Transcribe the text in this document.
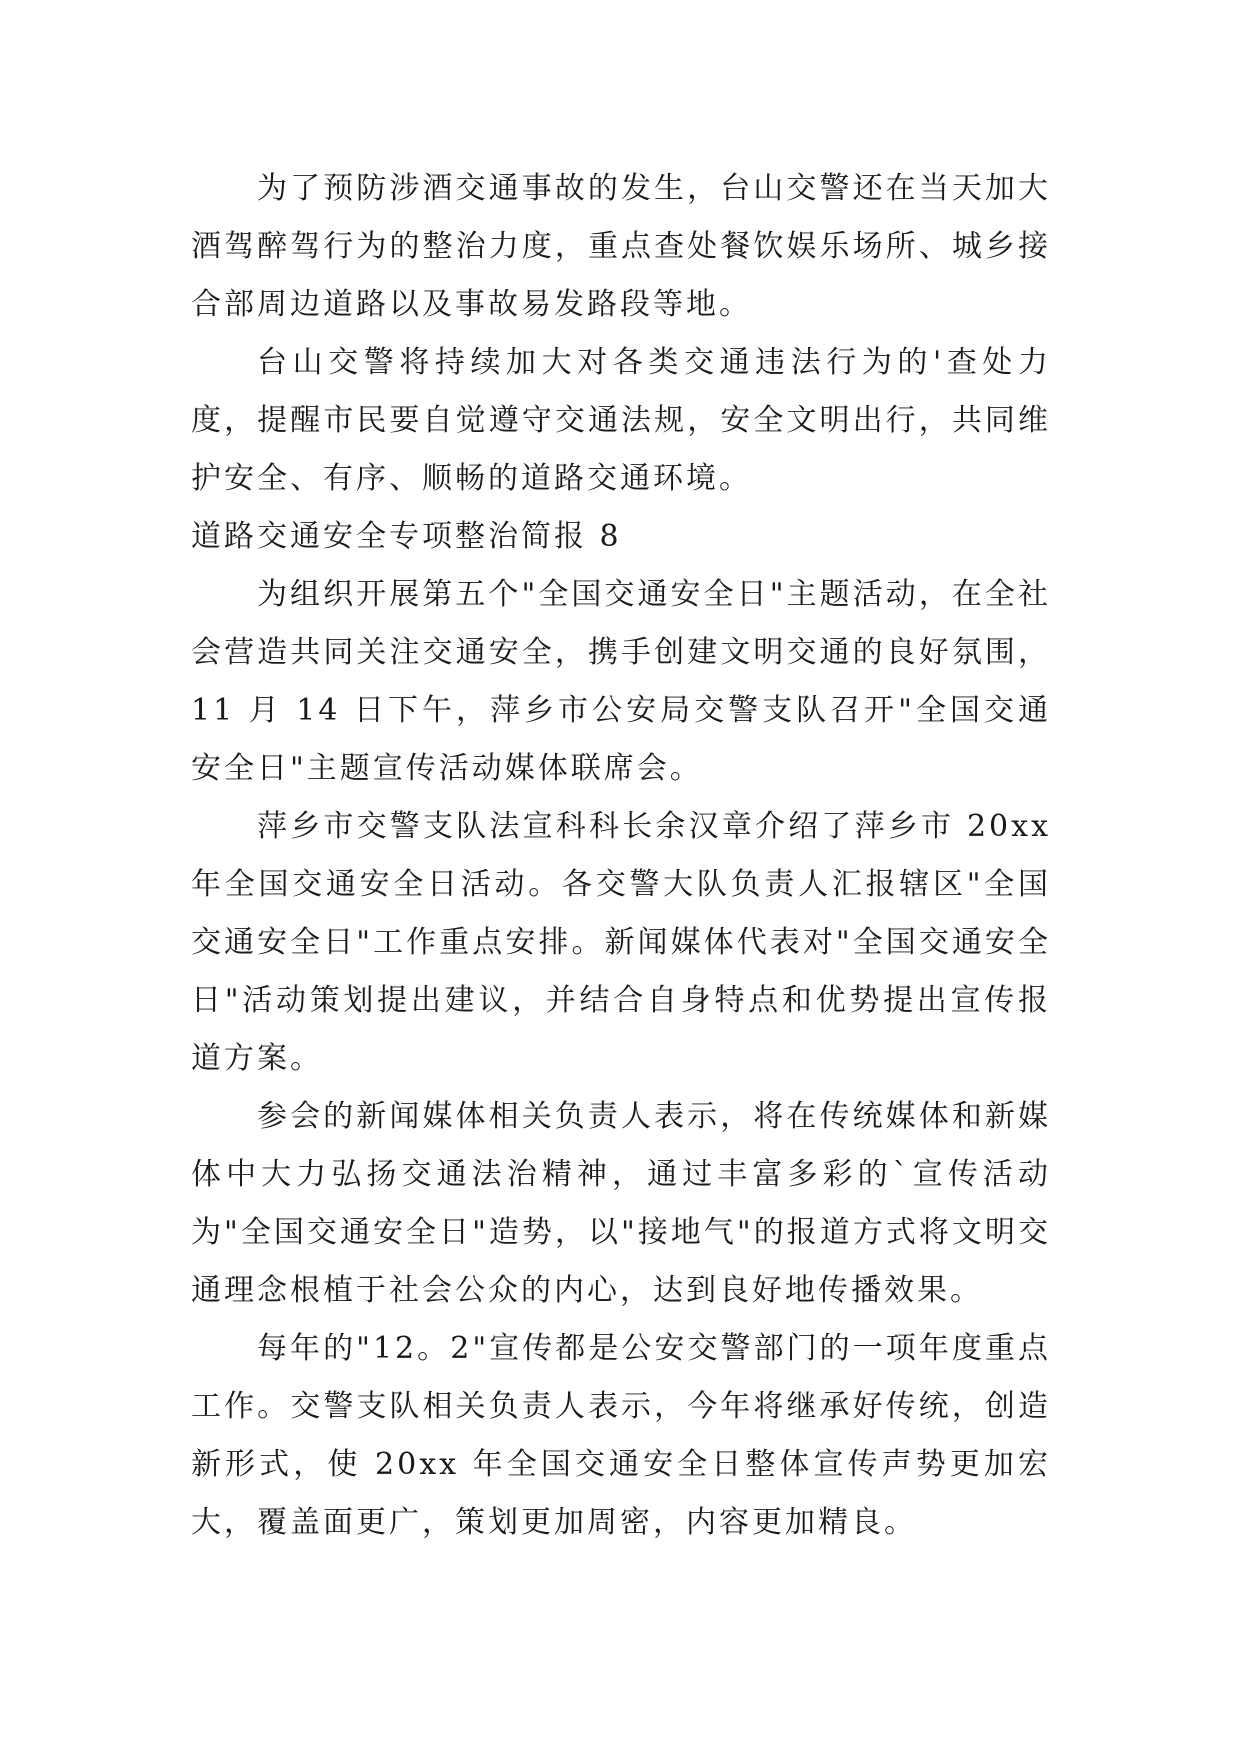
为了预防涉酒交通事故的发生，台山交警还在当天加大酒驾醉驾行为的整治力度，重点查处餐饮娱乐场所、城乡接合部周边道路以及事故易发路段等地。

台山交警将持续加大对各类交通违法行为的'查处力度，提醒市民要自觉遵守交通法规，安全文明出行，共同维护安全、有序、顺畅的道路交通环境。

道路交通安全专项整治简报 8

为组织开展第五个"全国交通安全日"主题活动，在全社会营造共同关注交通安全，携手创建文明交通的良好氛围，11 月 14 日下午，萍乡市公安局交警支队召开"全国交通安全日"主题宣传活动媒体联席会。

萍乡市交警支队法宣科科长余汉章介绍了萍乡市 20xx 年全国交通安全日活动。各交警大队负责人汇报辖区"全国交通安全日"工作重点安排。新闻媒体代表对"全国交通安全日"活动策划提出建议，并结合自身特点和优势提出宣传报道方案。

参会的新闻媒体相关负责人表示，将在传统媒体和新媒体中大力弘扬交通法治精神，通过丰富多彩的`宣传活动为"全国交通安全日"造势，以"接地气"的报道方式将文明交通理念根植于社会公众的内心，达到良好地传播效果。

每年的"12。2"宣传都是公安交警部门的一项年度重点工作。交警支队相关负责人表示，今年将继承好传统，创造新形式，使 20xx 年全国交通安全日整体宣传声势更加宏大，覆盖面更广，策划更加周密，内容更加精良。
